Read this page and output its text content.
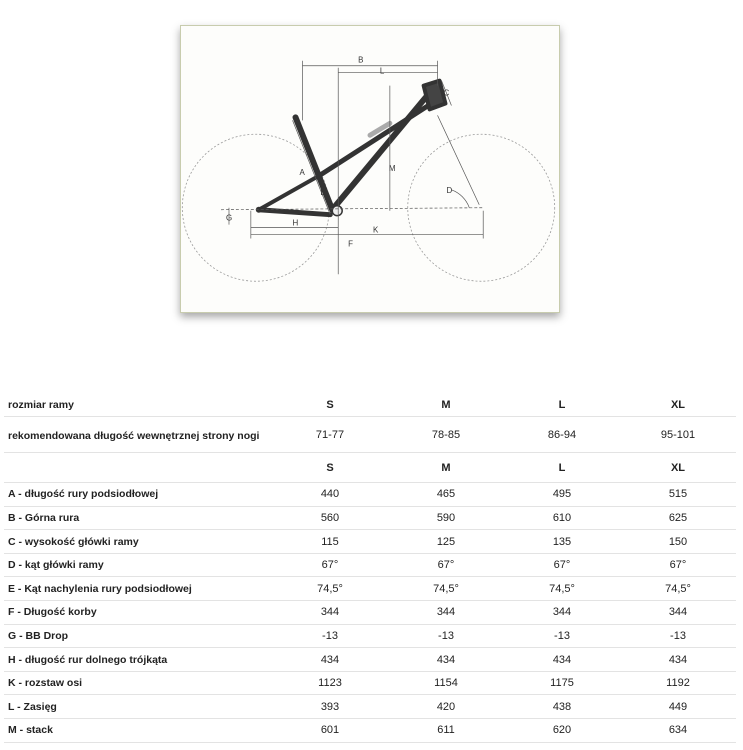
B
L
C
A	M
D
E
G
H
K
F
rozmiar ramy	S	M	L	XL
rekomendowana długość wewnętrznej strony nogi	71-77	78-85	86-94	95-101
	S	M	L	XL
A - długość rury podsiodłowej	440	465	495	515
B - Górna rura	560	590	610	625
C - wysokość główki ramy	115	125	135	150
D - kąt główki ramy	67°	67°	67°	67°
E - Kąt nachylenia rury podsiodłowej	74,5°	74,5°	74,5°	74,5°
F - Długość korby	344	344	344	344
G - BB Drop	-13	-13	-13	-13
H - długość rur dolnego trójkąta	434	434	434	434
K - rozstaw osi	1123	1154	1175	1192
L - Zasięg	393	420	438	449
M - stack	601	611	620	634
